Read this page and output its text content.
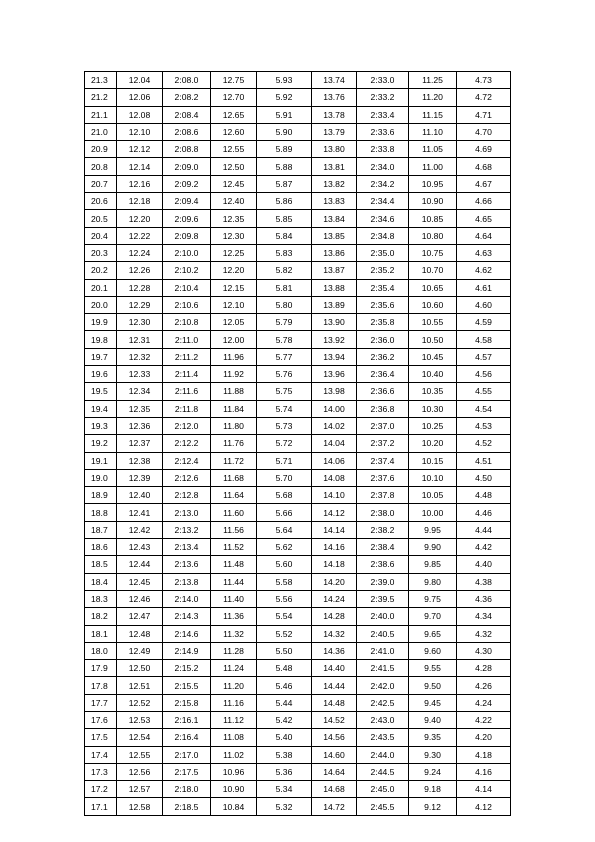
21.3	12.04	2:08.0	12.75	5.93	13.74	2:33.0	11.25	4.73
21.2	12.06	2:08.2	12.70	5.92	13.76	2:33.2	11.20	4.72
21.1	12.08	2:08.4	12.65	5.91	13.78	2:33.4	11.15	4.71
21.0	12.10	2:08.6	12.60	5.90	13.79	2:33.6	11.10	4.70
20.9	12.12	2:08.8	12.55	5.89	13.80	2:33.8	11.05	4.69
20.8	12.14	2:09.0	12.50	5.88	13.81	2:34.0	11.00	4.68
20.7	12.16	2:09.2	12.45	5.87	13.82	2:34.2	10.95	4.67
20.6	12.18	2:09.4	12.40	5.86	13.83	2:34.4	10.90	4.66
20.5	12.20	2:09.6	12.35	5.85	13.84	2:34.6	10.85	4.65
20.4	12.22	2:09.8	12.30	5.84	13.85	2:34.8	10.80	4.64
20.3	12.24	2:10.0	12.25	5.83	13.86	2:35.0	10.75	4.63
20.2	12.26	2:10.2	12.20	5.82	13.87	2:35.2	10.70	4.62
20.1	12.28	2:10.4	12.15	5.81	13.88	2:35.4	10.65	4.61
20.0	12.29	2:10.6	12.10	5.80	13.89	2:35.6	10.60	4.60
19.9	12.30	2:10.8	12.05	5.79	13.90	2:35.8	10.55	4.59
19.8	12.31	2:11.0	12.00	5.78	13.92	2:36.0	10.50	4.58
19.7	12.32	2:11.2	11.96	5.77	13.94	2:36.2	10.45	4.57
19.6	12.33	2:11.4	11.92	5.76	13.96	2:36.4	10.40	4.56
19.5	12.34	2:11.6	11.88	5.75	13.98	2:36.6	10.35	4.55
19.4	12.35	2:11.8	11.84	5.74	14.00	2:36.8	10.30	4.54
19.3	12.36	2:12.0	11.80	5.73	14.02	2:37.0	10.25	4.53
19.2	12.37	2:12.2	11.76	5.72	14.04	2:37.2	10.20	4.52
19.1	12.38	2:12.4	11.72	5.71	14.06	2:37.4	10.15	4.51
19.0	12.39	2:12.6	11.68	5.70	14.08	2:37.6	10.10	4.50
18.9	12.40	2:12.8	11.64	5.68	14.10	2:37.8	10.05	4.48
18.8	12.41	2:13.0	11.60	5.66	14.12	2:38.0	10.00	4.46
18.7	12.42	2:13.2	11.56	5.64	14.14	2:38.2	9.95	4.44
18.6	12.43	2:13.4	11.52	5.62	14.16	2:38.4	9.90	4.42
18.5	12.44	2:13.6	11.48	5.60	14.18	2:38.6	9.85	4.40
18.4	12.45	2:13.8	11.44	5.58	14.20	2:39.0	9.80	4.38
18.3	12.46	2:14.0	11.40	5.56	14.24	2:39.5	9.75	4.36
18.2	12.47	2:14.3	11.36	5.54	14.28	2:40.0	9.70	4.34
18.1	12.48	2:14.6	11.32	5.52	14.32	2:40.5	9.65	4.32
18.0	12.49	2:14.9	11.28	5.50	14.36	2:41.0	9.60	4.30
17.9	12.50	2:15.2	11.24	5.48	14.40	2:41.5	9.55	4.28
17.8	12.51	2:15.5	11.20	5.46	14.44	2:42.0	9.50	4.26
17.7	12.52	2:15.8	11.16	5.44	14.48	2:42.5	9.45	4.24
17.6	12.53	2:16.1	11.12	5.42	14.52	2:43.0	9.40	4.22
17.5	12.54	2:16.4	11.08	5.40	14.56	2:43.5	9.35	4.20
17.4	12.55	2:17.0	11.02	5.38	14.60	2:44.0	9.30	4.18
17.3	12.56	2:17.5	10.96	5.36	14.64	2:44.5	9.24	4.16
17.2	12.57	2:18.0	10.90	5.34	14.68	2:45.0	9.18	4.14
17.1	12.58	2:18.5	10.84	5.32	14.72	2:45.5	9.12	4.12
